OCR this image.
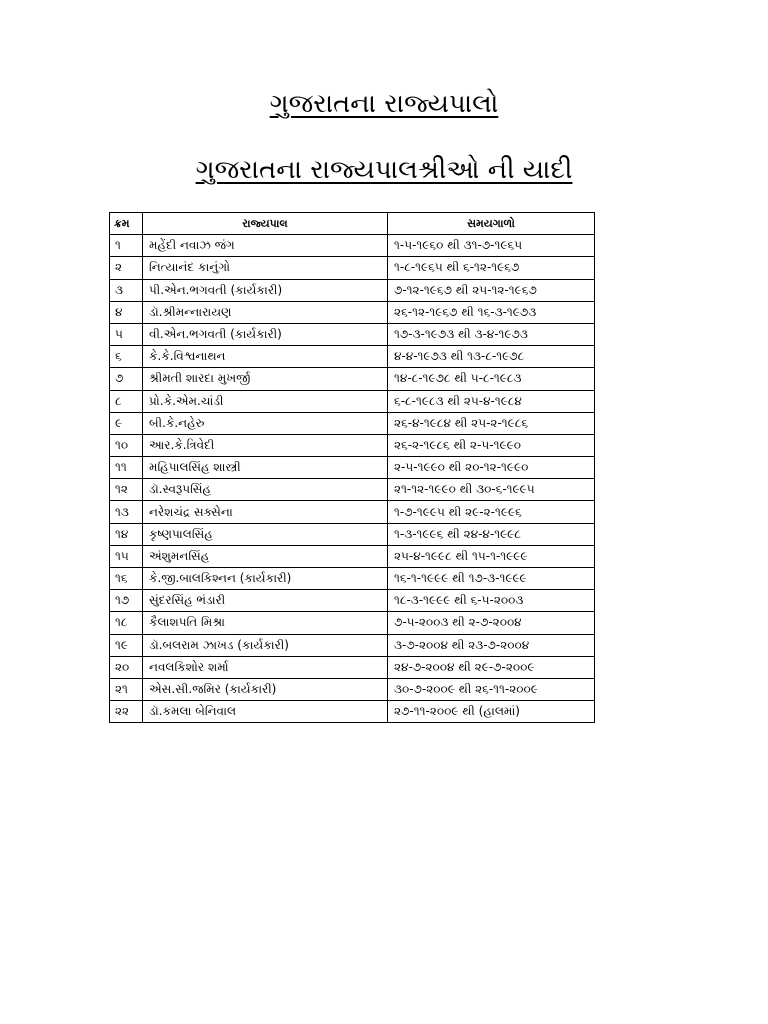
ગુજરાતના રાજ્યપાલો
ગુજરાતના રાજ્યપાલશ્રીઓ ની યાદી
ક્રમ	રાજ્યપાલ	સમયગાળો
૧	મહેંદી નવાઝ જંગ	૧-૫-૧૯૬૦ થી ૩૧-૭-૧૯૬૫
૨	નિત્યાનંદ કાનુંગો	૧-૮-૧૯૬૫ થી ૬-૧૨-૧૯૬૭
૩	પી.એન.ભગવતી (કાર્યકારી)	૭-૧૨-૧૯૬૭ થી ૨૫-૧૨-૧૯૬૭
૪	ડૉ.શ્રીમન્નારાયણ	૨૬-૧૨-૧૯૬૭ થી ૧૬-૩-૧૯૭૩
૫	વી.એન.ભગવતી (કાર્યકારી)	૧૭-૩-૧૯૭૩ થી ૩-૪-૧૯૭૩
૬	કે.કે.વિશ્વનાથન	૪-૪-૧૯૭૩ થી ૧૩-૮-૧૯૭૮
૭	શ્રીમતી શારદા મુખર્જી	૧૪-૮-૧૯૭૮ થી ૫-૮-૧૯૮૩
૮	પ્રો.કે.એમ.ચાંડી	૬-૮-૧૯૮૩ થી ૨૫-૪-૧૯૮૪
૯	બી.કે.નહેરુ	૨૬-૪-૧૯૮૪ થી ૨૫-૨-૧૯૮૬
૧૦	આર.કે.ત્રિવેદી	૨૬-૨-૧૯૮૬ થી ૨-૫-૧૯૯૦
૧૧	મહિપાલસિંહ શાસ્ત્રી	૨-૫-૧૯૯૦ થી ૨૦-૧૨-૧૯૯૦
૧૨	ડૉ.સ્વરૂપસિંહ	૨૧-૧૨-૧૯૯૦ થી ૩૦-૬-૧૯૯૫
૧૩	નરેશચંદ્ર સક્સેના	૧-૭-૧૯૯૫ થી ૨૯-૨-૧૯૯૬
૧૪	કૃષ્ણપાલસિંહ	૧-૩-૧૯૯૬ થી ૨૪-૪-૧૯૯૮
૧૫	અંશુમનસિંહ	૨૫-૪-૧૯૯૮ થી ૧૫-૧-૧૯૯૯
૧૬	કે.જી.બાલકિશ્નન (કાર્યકારી)	૧૬-૧-૧૯૯૯ થી ૧૭-૩-૧૯૯૯
૧૭	સુંદરસિંહ ભંડારી	૧૮-૩-૧૯૯૯ થી ૬-૫-૨૦૦૩
૧૮	કૈલાશપતિ મિશ્રા	૭-૫-૨૦૦૩ થી ૨-૭-૨૦૦૪
૧૯	ડૉ.બલરામ ઝાખડ (કાર્યકારી)	૩-૭-૨૦૦૪ થી ૨૩-૭-૨૦૦૪
૨૦	નવલકિશોર શર્મા	૨૪-૭-૨૦૦૪ થી ૨૯-૭-૨૦૦૯
૨૧	એસ.સી.જમિર (કાર્યકારી)	૩૦-૭-૨૦૦૯ થી ૨૬-૧૧-૨૦૦૯
૨૨	ડૉ.કમલા બેનિવાલ	૨૭-૧૧-૨૦૦૯ થી (હાલમાં)
